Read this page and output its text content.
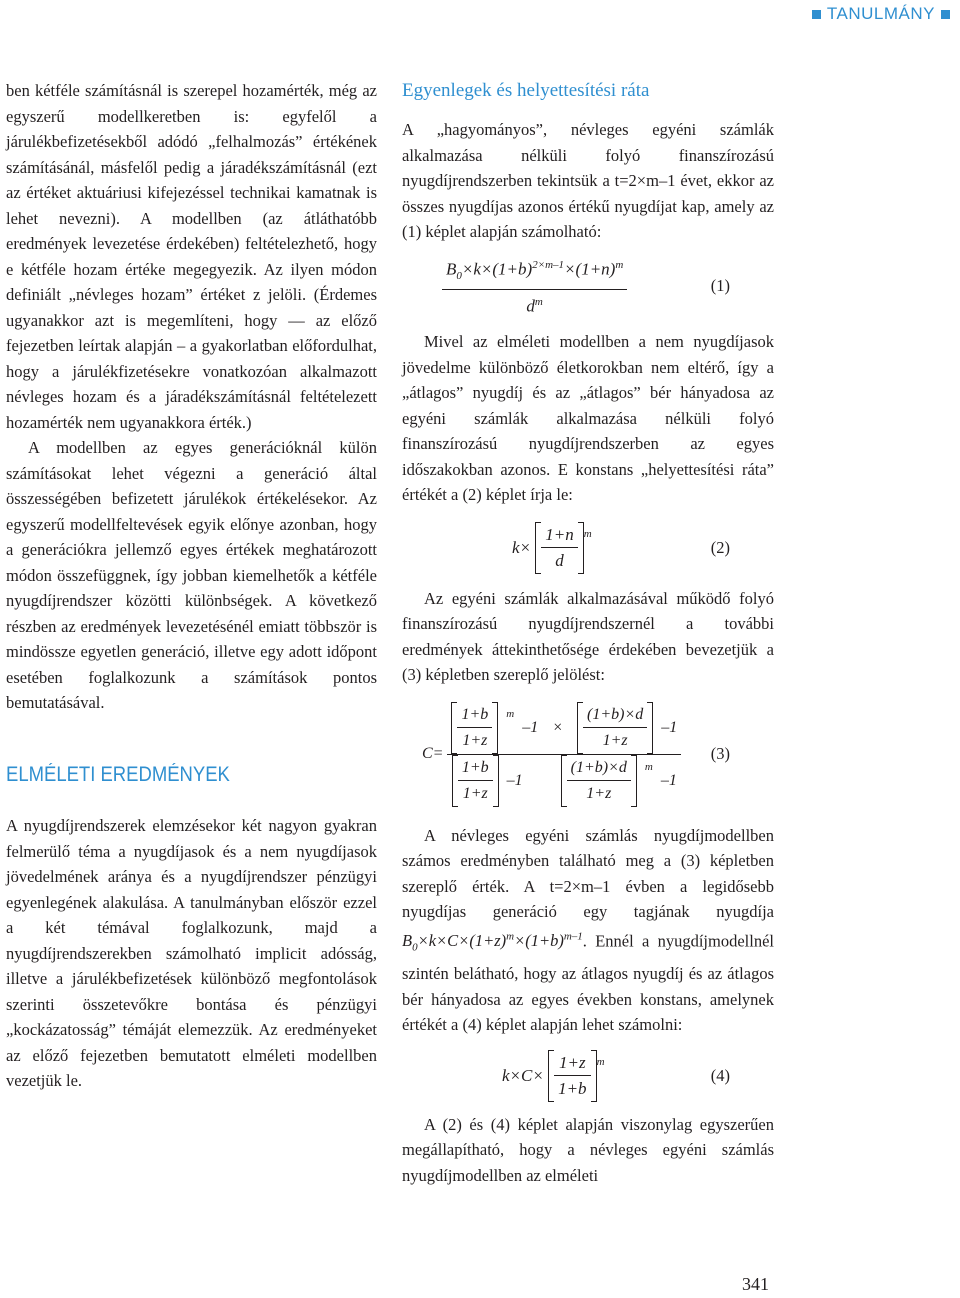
TANULMÁNY

ben kétféle számításnál is szerepel hozamérték, még az egyszerű modellkeretben is: egyfelől a járulékbefizetésekből adódó „felhalmozás” értékének számításánál, másfelől pedig a járadékszámításnál (ezt az értéket aktuáriusi kifejezéssel technikai kamatnak is lehet nevezni). A modellben (az átláthatóbb eredmények levezetése érdekében) feltételezhető, hogy e kétféle hozam értéke megegyezik. Az ilyen módon definiált „névleges hozam” értéket z jelöli. (Érdemes ugyanakkor azt is megemlíteni, hogy — az előző fejezetben leírtak alapján – a gyakorlatban előfordulhat, hogy a járulékfizetésekre vonatkozóan alkalmazott névleges hozam és a járadékszámításnál feltételezett hozamérték nem ugyanakkora érték.)

A modellben az egyes generációknál külön számításokat lehet végezni a generáció által összességében befizetett járulékok értékelésekor. Az egyszerű modellfeltevések egyik előnye azonban, hogy a generációkra jellemző egyes értékek meghatározott módon összefüggnek, így jobban kiemelhetők a kétféle nyugdíjrendszer közötti különbségek. A következő részben az eredmények levezetésénél emiatt többször is mindössze egyetlen generáció, illetve egy adott időpont esetében foglalkozunk a számítások pontos bemutatásával.

ELMÉLETI EREDMÉNYEK

A nyugdíjrendszerek elemzésekor két nagyon gyakran felmerülő téma a nyugdíjasok és a nem nyugdíjasok jövedelmének aránya és a nyugdíjrendszer pénzügyi egyenlegének alakulása. A tanulmányban először ezzel a két témával foglalkozunk, majd a nyugdíjrendszerekben számolható implicit adósság, illetve a járulékbefizetések különböző megfontolások szerinti összetevőkre bontása és pénzügyi „kockázatosság” témáját elemezzük. Az eredményeket az előző fejezetben bemutatott elméleti modellben vezetjük le.

Egyenlegek és helyettesítési ráta

A „hagyományos”, névleges egyéni számlák alkalmazása nélküli folyó finanszírozású nyugdíjrendszerben tekintsük a t=2×m–1 évet, ekkor az összes nyugdíjas azonos értékű nyugdíjat kap, amely az (1) képlet alapján számolható:

$\frac{B_0\times k\times(1+b)^{2\times m-1}\times(1+n)^m}{d^m}$	(1)

Mivel az elméleti modellben a nem nyugdíjasok jövedelme különböző életkorokban nem eltérő, így a „átlagos” nyugdíj és az „átlagos” bér hányadosa az egyéni számlák alkalmazása nélküli folyó finanszírozású nyugdíjrendszerben az egyes időszakokban azonos. E konstans „helyettesítési ráta” értékét a (2) képlet írja le:

$k\times \frac{1+n}{d} ^m$
(2)

Az egyéni számlák alkalmazásával működő folyó finanszírozású nyugdíjrendszernél a további eredmények áttekinthetősége érdekében bevezetjük a (3) képletben szereplő jelölést:

$C= \frac{1+b}{1+z} ^m$
$-1 \times \frac{(1+b)\times d}{1+z} -1$
$\frac{1+b}{1+z} -1$	$\frac{(1+b)\times d}{1+z} ^m$
–1 (3)

A névleges egyéni számlás nyugdíjmodellben számos eredményben található meg a (3) képletben szereplő érték. A t=2×m–1 évben a legidősebb nyugdíjas generáció egy tagjának nyugdíja $B_0\times k\times C\times(1+z)^m\times(1+b)^{m-1}$. Ennél a nyugdíjmodellnél szintén belátható, hogy az átlagos nyugdíj és az átlagos bér hányadosa az egyes években konstans, amelynek értékét a (4) képlet alapján lehet számolni:

$k\times C\times \frac{1+z}{1+b} ^m$
(4)

A (2) és (4) képlet alapján viszonylag egyszerűen megállapítható, hogy a névleges egyéni számlás nyugdíjmodellben az elméleti

341
